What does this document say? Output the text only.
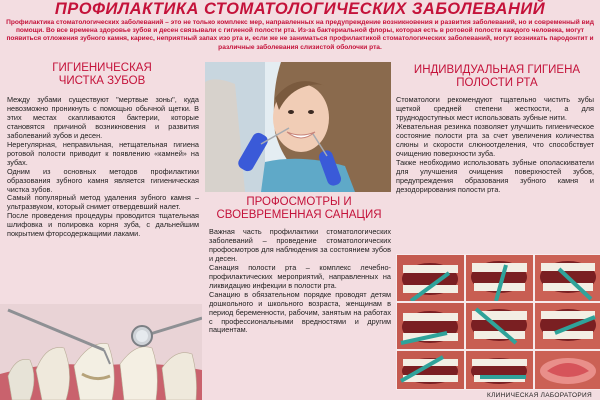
ПРОФИЛАКТИКА СТОМАТОЛОГИЧЕСКИХ ЗАБОЛЕВАНИЙ
Профилактика стоматологических заболеваний – это не только комплекс мер, направленных на предупреждение возникновения и развития заболеваний, но и современный вид помощи. Во все времена здоровье зубов и десен связывали с гигиеной полости рта. Из-за бактериальной флоры, которая есть в ротовой полости каждого человека, могут появиться отложения зубного камня, кариес, неприятный запах изо рта и, если же не заниматься профилактикой стоматологических заболеваний, могут возникать пародонтит и различные заболевания слизистой оболочки рта.
ГИГИЕНИЧЕСКАЯ
ЧИСТКА ЗУБОВ

Между зубами существуют "мертвые зоны", куда невозможно проникнуть с помощью обычной щетки. В этих местах скапливаются бактерии, которые становятся причиной возникновения и развития заболеваний зубов и десен.

Нерегулярная, неправильная, нетщательная гигиена ротовой полости приводит к появлению «камней» на зубах.

Одним из основных методов профилактики образования зубного камня является гигиеническая чистка зубов.

Самый популярный метод удаления зубного камня – ультразвуком, который снимет отвердевший налет.

После проведения процедуры проводится тщательная шлифовка и полировка корня зуба, с дальнейшим покрытием фторсодержащими лаками.

ПРОФОСМОТРЫ И
СВОЕВРЕМЕННАЯ САНАЦИЯ

Важная часть профилактики стоматологических заболеваний – проведение стоматологических профосмотров для наблюдения за состоянием зубов и десен.

Санация полости рта – комплекс лечебно-профилактических мероприятий, направленных на ликвидацию инфекции в полости рта.

Санацию в обязательном порядке проводят детям дошкольного и школьного возраста, женщинам в период беременности, рабочим, занятым на работах с профессиональными вредностями и другим пациентам.

ИНДИВИДУАЛЬНАЯ ГИГИЕНА
ПОЛОСТИ РТА

Стоматологи рекомендуют тщательно чистить зубы щеткой средней степени жесткости, а для труднодоступных мест использовать зубные нити.

Жевательная резинка позволяет улучшить гигиеническое состояние полости рта за счет увеличения количества слюны и скорости слюноотделения, что способствует очищению поверхности зуба.

Также необходимо использовать зубные ополаскиватели для улучшения очищения поверхностей зубов, предупреждения образования зубного камня и дезодорирования полости рта.

КЛИНИЧЕСКАЯ ЛАБОРАТОРИЯ
